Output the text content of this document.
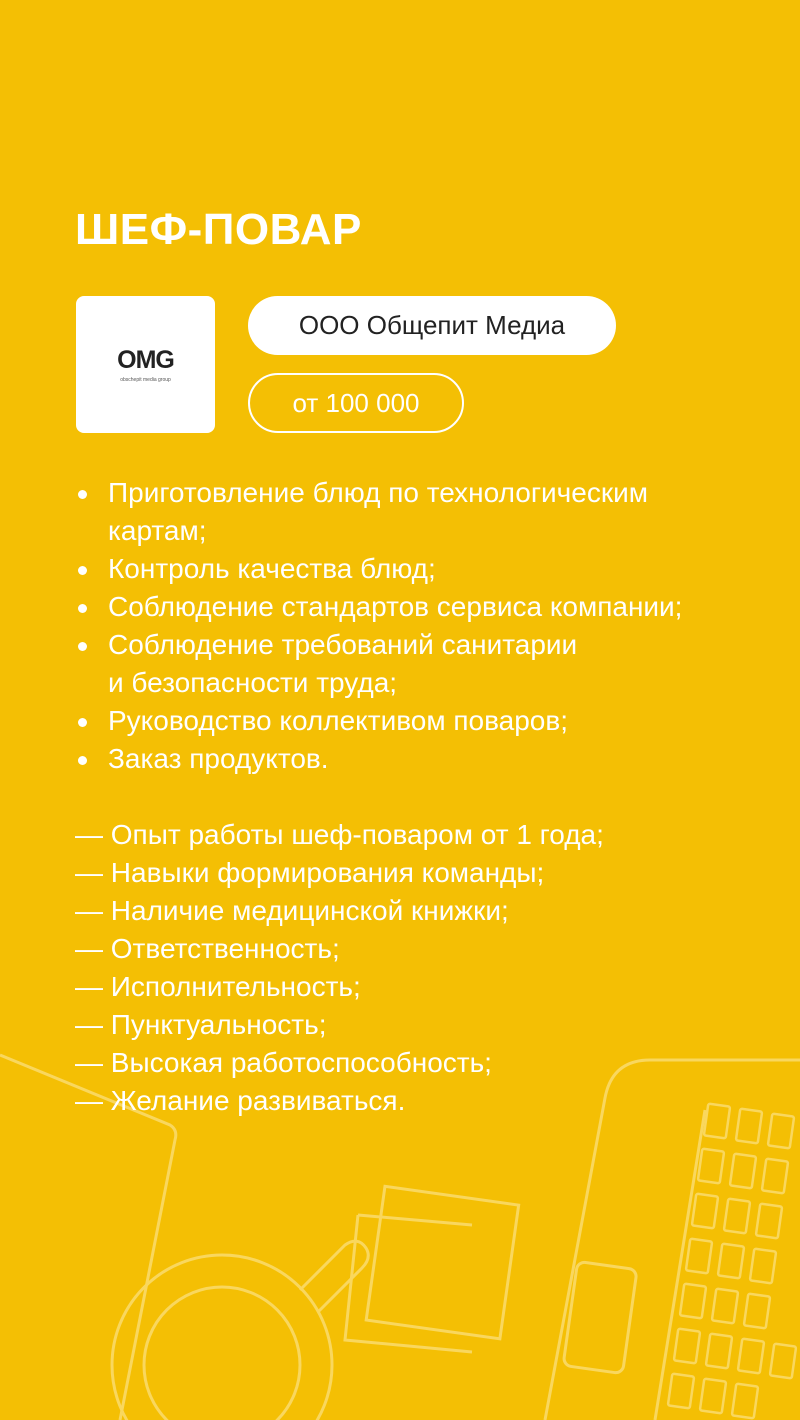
ШЕФ-ПОВАР
OMG
obschepit media group
ООО Общепит Медиа
от 100 000
Приготовление блюд по технологическим
картам;
Контроль качества блюд;
Соблюдение стандартов сервиса компании;
Соблюдение требований санитарии
и безопасности труда;
Руководство коллективом поваров;
Заказ продуктов.
— Опыт работы шеф-поваром от 1 года;
— Навыки формирования команды;
— Наличие медицинской книжки;
— Ответственность;
— Исполнительность;
— Пунктуальность;
— Высокая работоспособность;
— Желание развиваться.
